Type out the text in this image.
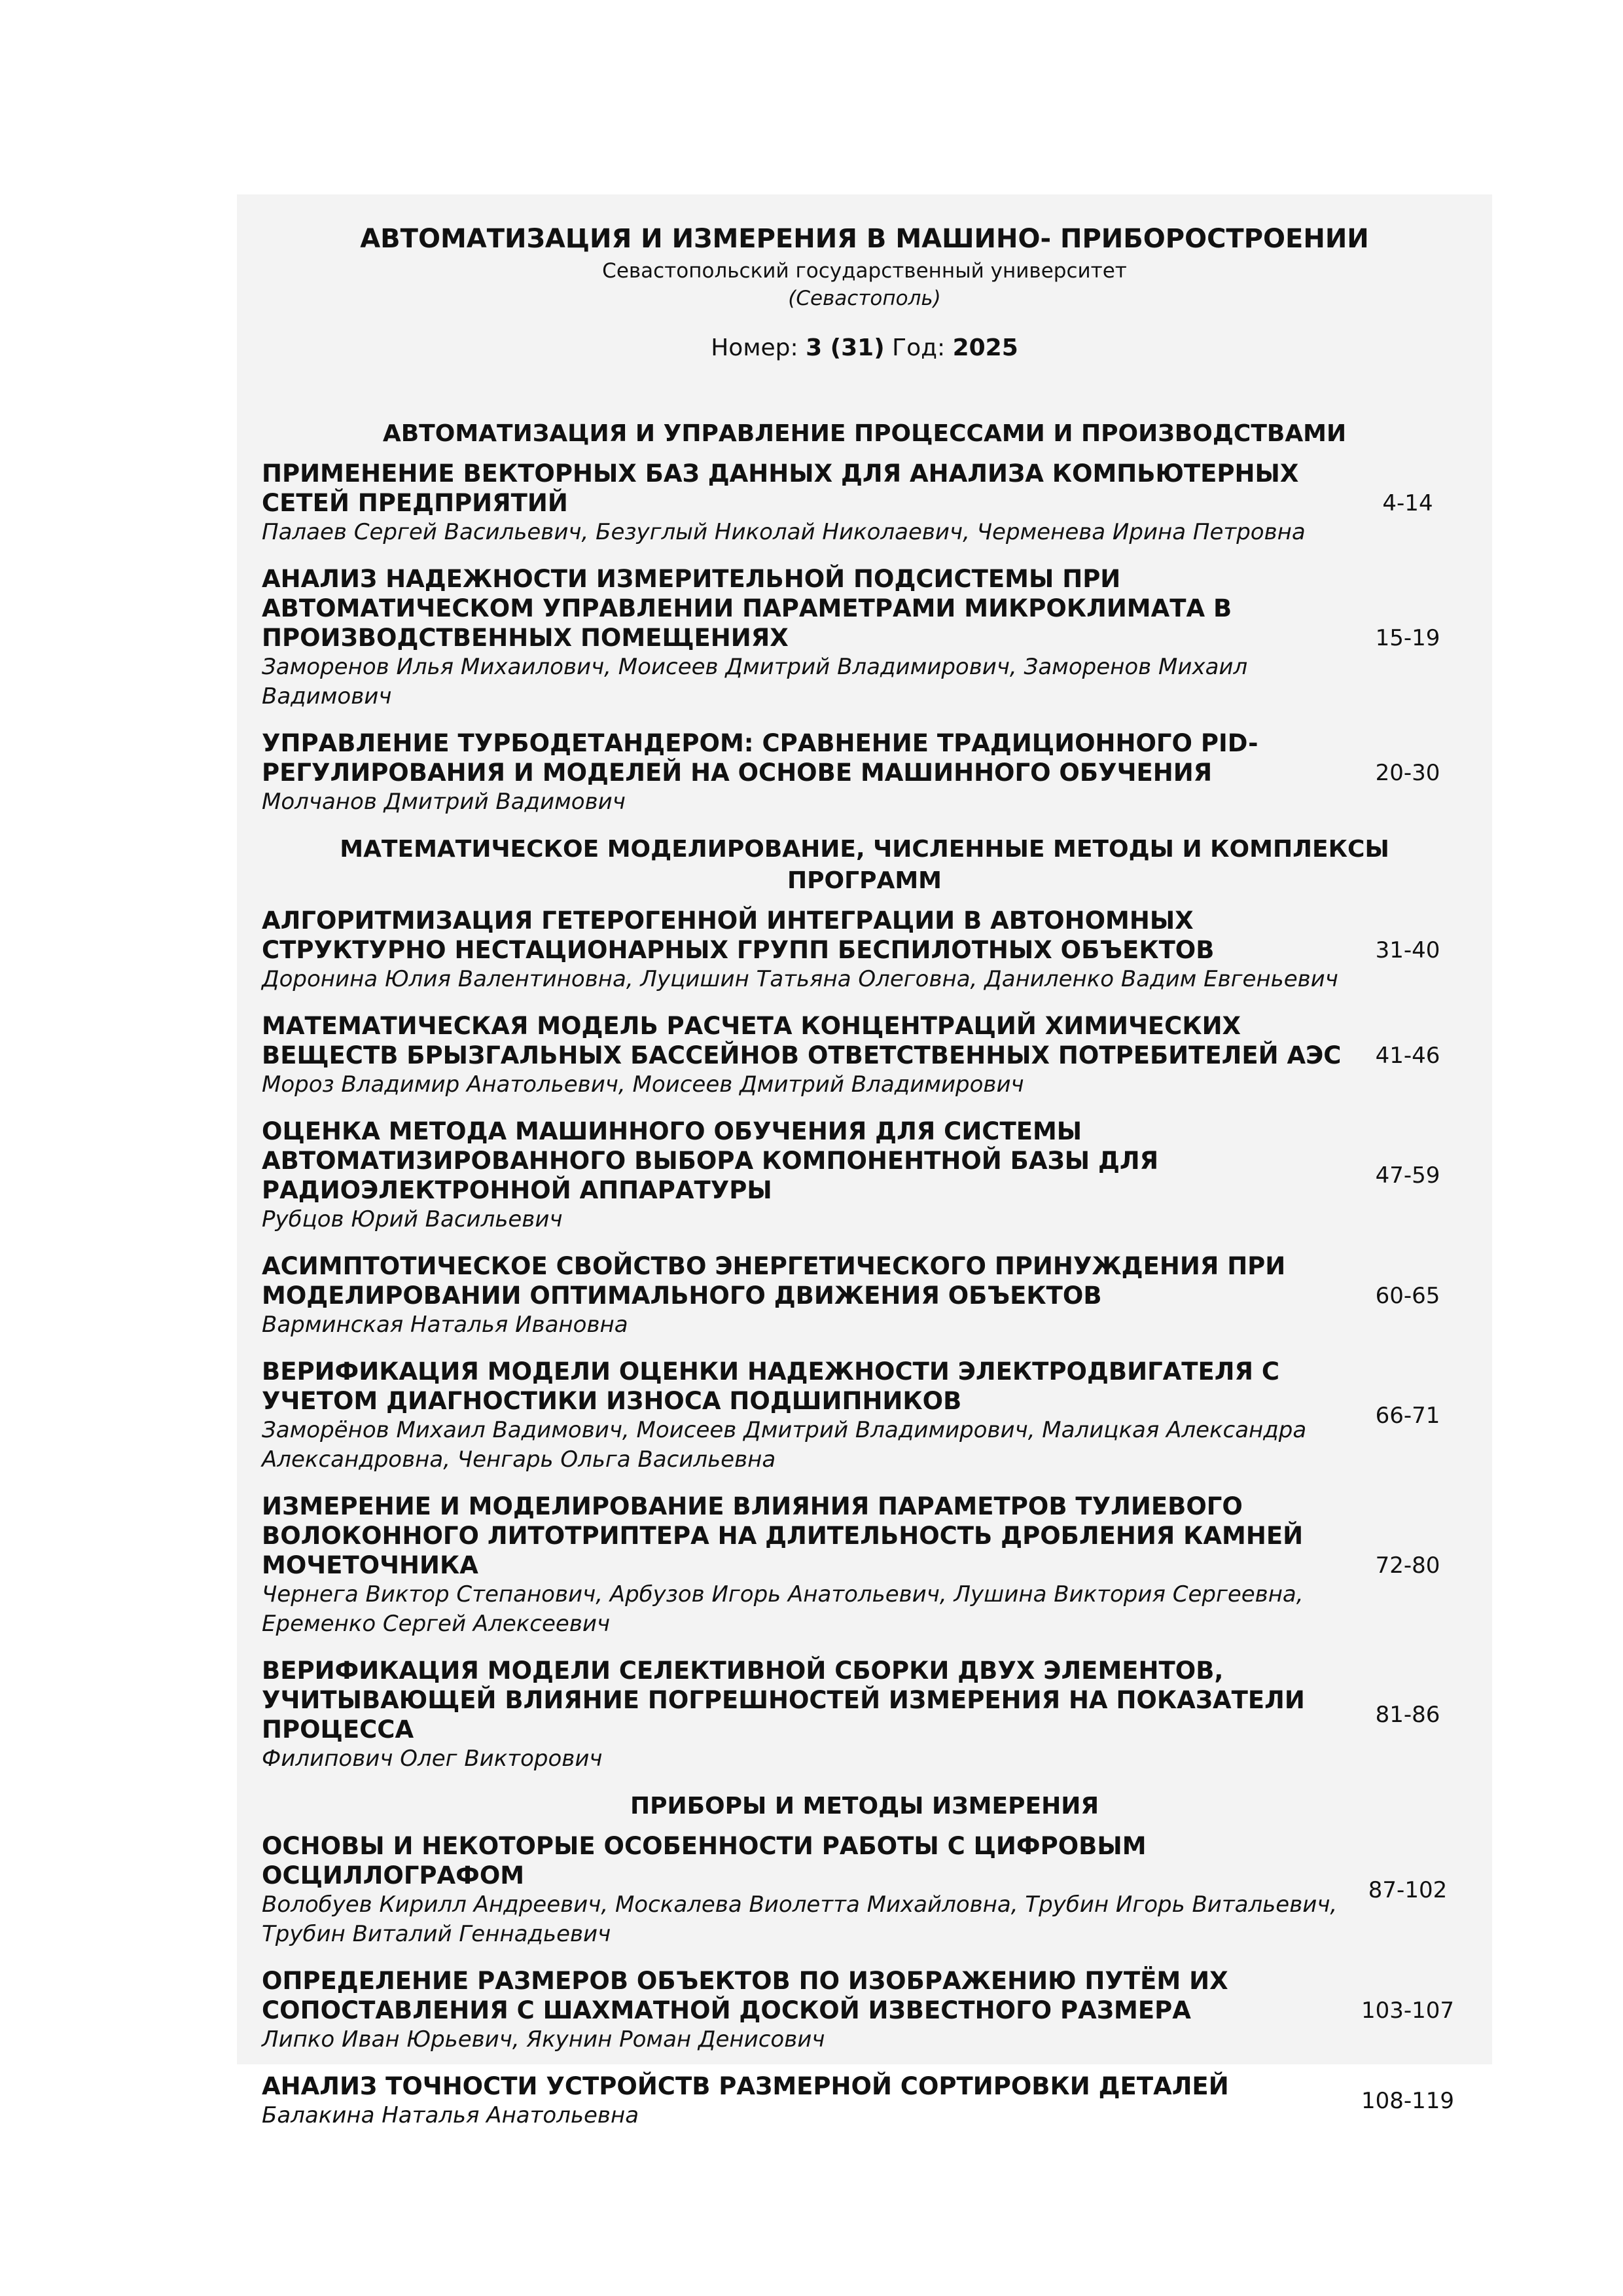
АВТОМАТИЗАЦИЯ И ИЗМЕРЕНИЯ В МАШИНО- ПРИБОРОСТРОЕНИИ
Севастопольский государственный университет
(Севастополь)
Номер: 3 (31) Год: 2025
АВТОМАТИЗАЦИЯ И УПРАВЛЕНИЕ ПРОЦЕССАМИ И ПРОИЗВОДСТВАМИ
ПРИМЕНЕНИЕ ВЕКТОРНЫХ БАЗ ДАННЫХ ДЛЯ АНАЛИЗА КОМПЬЮТЕРНЫХ СЕТЕЙ ПРЕДПРИЯТИЙ
Палаев Сергей Васильевич, Безуглый Николай Николаевич, Черменева Ирина Петровна
4-14
АНАЛИЗ НАДЕЖНОСТИ ИЗМЕРИТЕЛЬНОЙ ПОДСИСТЕМЫ ПРИ АВТОМАТИЧЕСКОМ УПРАВЛЕНИИ ПАРАМЕТРАМИ МИКРОКЛИМАТА В ПРОИЗВОДСТВЕННЫХ ПОМЕЩЕНИЯХ
Заморенов Илья Михаилович, Моисеев Дмитрий Владимирович, Заморенов Михаил Вадимович
15-19
УПРАВЛЕНИЕ ТУРБОДЕТАНДЕРОМ: СРАВНЕНИЕ ТРАДИЦИОННОГО PID-РЕГУЛИРОВАНИЯ И МОДЕЛЕЙ НА ОСНОВЕ МАШИННОГО ОБУЧЕНИЯ
Молчанов Дмитрий Вадимович
20-30
МАТЕМАТИЧЕСКОЕ МОДЕЛИРОВАНИЕ, ЧИСЛЕННЫЕ МЕТОДЫ И КОМПЛЕКСЫ ПРОГРАММ
АЛГОРИТМИЗАЦИЯ ГЕТЕРОГЕННОЙ ИНТЕГРАЦИИ В АВТОНОМНЫХ СТРУКТУРНО НЕСТАЦИОНАРНЫХ ГРУПП БЕСПИЛОТНЫХ ОБЪЕКТОВ
Доронина Юлия Валентиновна, Луцишин Татьяна Олеговна, Даниленко Вадим Евгеньевич
31-40
МАТЕМАТИЧЕСКАЯ МОДЕЛЬ РАСЧЕТА КОНЦЕНТРАЦИЙ ХИМИЧЕСКИХ ВЕЩЕСТВ БРЫЗГАЛЬНЫХ БАССЕЙНОВ ОТВЕТСТВЕННЫХ ПОТРЕБИТЕЛЕЙ АЭС
Мороз Владимир Анатольевич, Моисеев Дмитрий Владимирович
41-46
ОЦЕНКА МЕТОДА МАШИННОГО ОБУЧЕНИЯ ДЛЯ СИСТЕМЫ АВТОМАТИЗИРОВАННОГО ВЫБОРА КОМПОНЕНТНОЙ БАЗЫ ДЛЯ РАДИОЭЛЕКТРОННОЙ АППАРАТУРЫ
Рубцов Юрий Васильевич
47-59
АСИМПТОТИЧЕСКОЕ СВОЙСТВО ЭНЕРГЕТИЧЕСКОГО ПРИНУЖДЕНИЯ ПРИ МОДЕЛИРОВАНИИ ОПТИМАЛЬНОГО ДВИЖЕНИЯ ОБЪЕКТОВ
Варминская Наталья Ивановна
60-65
ВЕРИФИКАЦИЯ МОДЕЛИ ОЦЕНКИ НАДЕЖНОСТИ ЭЛЕКТРОДВИГАТЕЛЯ С УЧЕТОМ ДИАГНОСТИКИ ИЗНОСА ПОДШИПНИКОВ
Заморёнов Михаил Вадимович, Моисеев Дмитрий Владимирович, Малицкая Александра Александровна, Ченгарь Ольга Васильевна
66-71
ИЗМЕРЕНИЕ И МОДЕЛИРОВАНИЕ ВЛИЯНИЯ ПАРАМЕТРОВ ТУЛИЕВОГО ВОЛОКОННОГО ЛИТОТРИПТЕРА НА ДЛИТЕЛЬНОСТЬ ДРОБЛЕНИЯ КАМНЕЙ МОЧЕТОЧНИКА
Чернега Виктор Степанович, Арбузов Игорь Анатольевич, Лушина Виктория Сергеевна, Еременко Сергей Алексеевич
72-80
ВЕРИФИКАЦИЯ МОДЕЛИ СЕЛЕКТИВНОЙ СБОРКИ ДВУХ ЭЛЕМЕНТОВ, УЧИТЫВАЮЩЕЙ ВЛИЯНИЕ ПОГРЕШНОСТЕЙ ИЗМЕРЕНИЯ НА ПОКАЗАТЕЛИ ПРОЦЕССА
Филипович Олег Викторович
81-86
ПРИБОРЫ И МЕТОДЫ ИЗМЕРЕНИЯ
ОСНОВЫ И НЕКОТОРЫЕ ОСОБЕННОСТИ РАБОТЫ С ЦИФРОВЫМ ОСЦИЛЛОГРАФОМ
Волобуев Кирилл Андреевич, Москалева Виолетта Михайловна, Трубин Игорь Витальевич, Трубин Виталий Геннадьевич
87-102
ОПРЕДЕЛЕНИЕ РАЗМЕРОВ ОБЪЕКТОВ ПО ИЗОБРАЖЕНИЮ ПУТЁМ ИХ СОПОСТАВЛЕНИЯ С ШАХМАТНОЙ ДОСКОЙ ИЗВЕСТНОГО РАЗМЕРА
Липко Иван Юрьевич, Якунин Роман Денисович
103-107
АНАЛИЗ ТОЧНОСТИ УСТРОЙСТВ РАЗМЕРНОЙ СОРТИРОВКИ ДЕТАЛЕЙ
Балакина Наталья Анатольевна
108-119
